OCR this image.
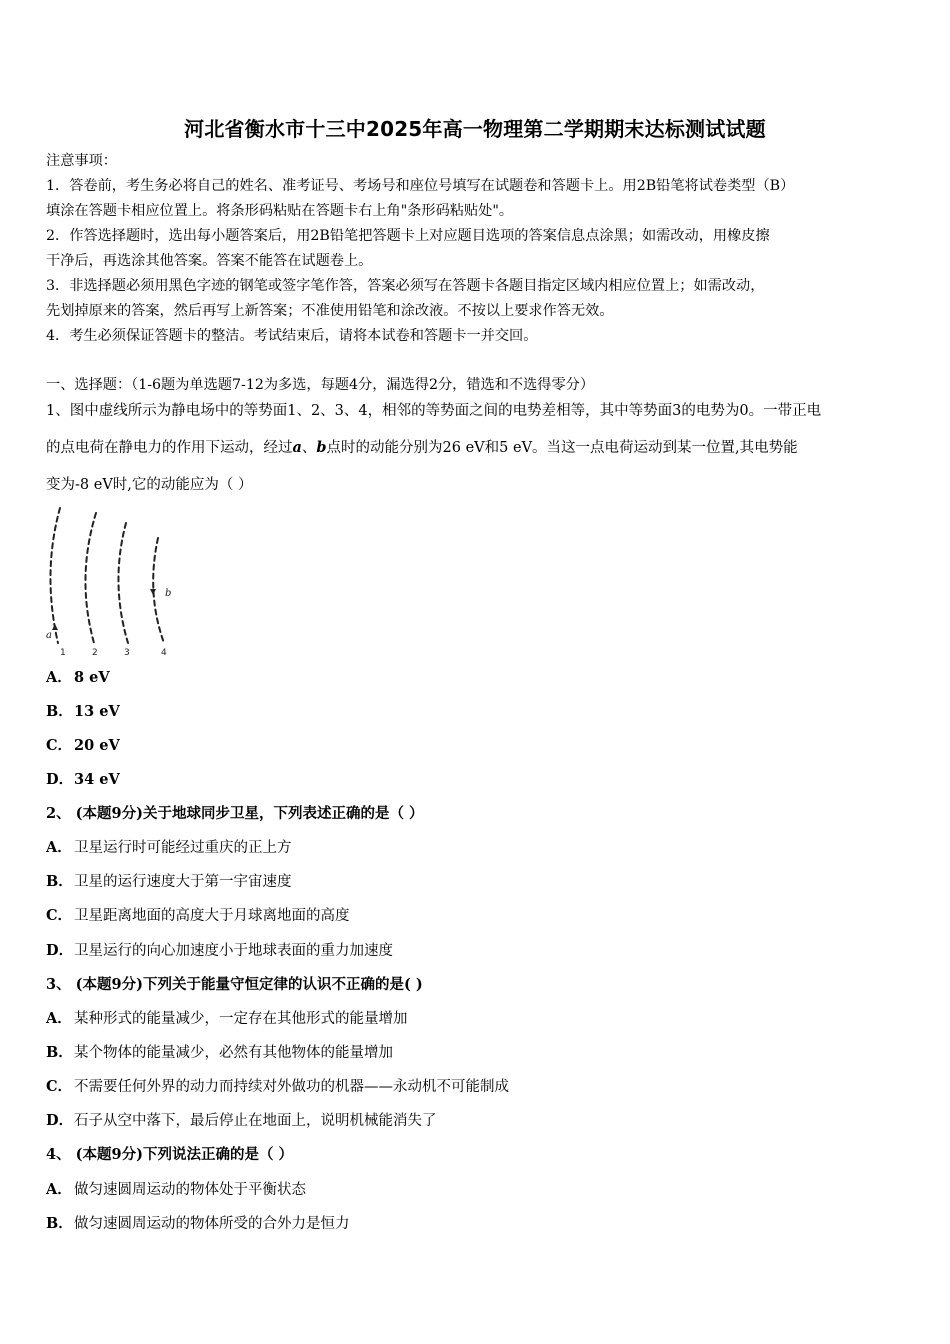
河北省衡水市十三中2025年高一物理第二学期期末达标测试试题
注意事项：
1．答卷前，考生务必将自己的姓名、准考证号、考场号和座位号填写在试题卷和答题卡上。用2B铅笔将试卷类型（B）
填涂在答题卡相应位置上。将条形码粘贴在答题卡右上角"条形码粘贴处"。
2．作答选择题时，选出每小题答案后，用2B铅笔把答题卡上对应题目选项的答案信息点涂黑；如需改动，用橡皮擦
干净后，再选涂其他答案。答案不能答在试题卷上。
3．非选择题必须用黑色字迹的钢笔或签字笔作答，答案必须写在答题卡各题目指定区域内相应位置上；如需改动，
先划掉原来的答案，然后再写上新答案；不准使用铅笔和涂改液。不按以上要求作答无效。
4．考生必须保证答题卡的整洁。考试结束后，请将本试卷和答题卡一并交回。
一、选择题：（1-6题为单选题7-12为多选，每题4分，漏选得2分，错选和不选得零分）
1、图中虚线所示为静电场中的等势面1、2、3、4，相邻的等势面之间的电势差相等，其中等势面3的电势为0。一带正电
的点电荷在静电力的作用下运动，经过a、b点时的动能分别为26 eV和5 eV。当这一点电荷运动到某一位置,其电势能
变为-8 eV时,它的动能应为（ ）
a
b
1	2	3	4
A． 8 eV
B．13 eV
C． 20 eV
D．34 eV
2、 (本题9分)关于地球同步卫星，下列表述正确的是（ ）
A． 卫星运行时可能经过重庆的正上方
B．卫星的运行速度大于第一宇宙速度
C． 卫星距离地面的高度大于月球离地面的高度
D．卫星运行的向心加速度小于地球表面的重力加速度
3、 (本题9分)下列关于能量守恒定律的认识不正确的是( )
A． 某种形式的能量减少，一定存在其他形式的能量增加
B．某个物体的能量减少，必然有其他物体的能量增加
C． 不需要任何外界的动力而持续对外做功的机器——永动机不可能制成
D．石子从空中落下，最后停止在地面上，说明机械能消失了
4、 (本题9分)下列说法正确的是（ ）
A． 做匀速圆周运动的物体处于平衡状态
B．做匀速圆周运动的物体所受的合外力是恒力
